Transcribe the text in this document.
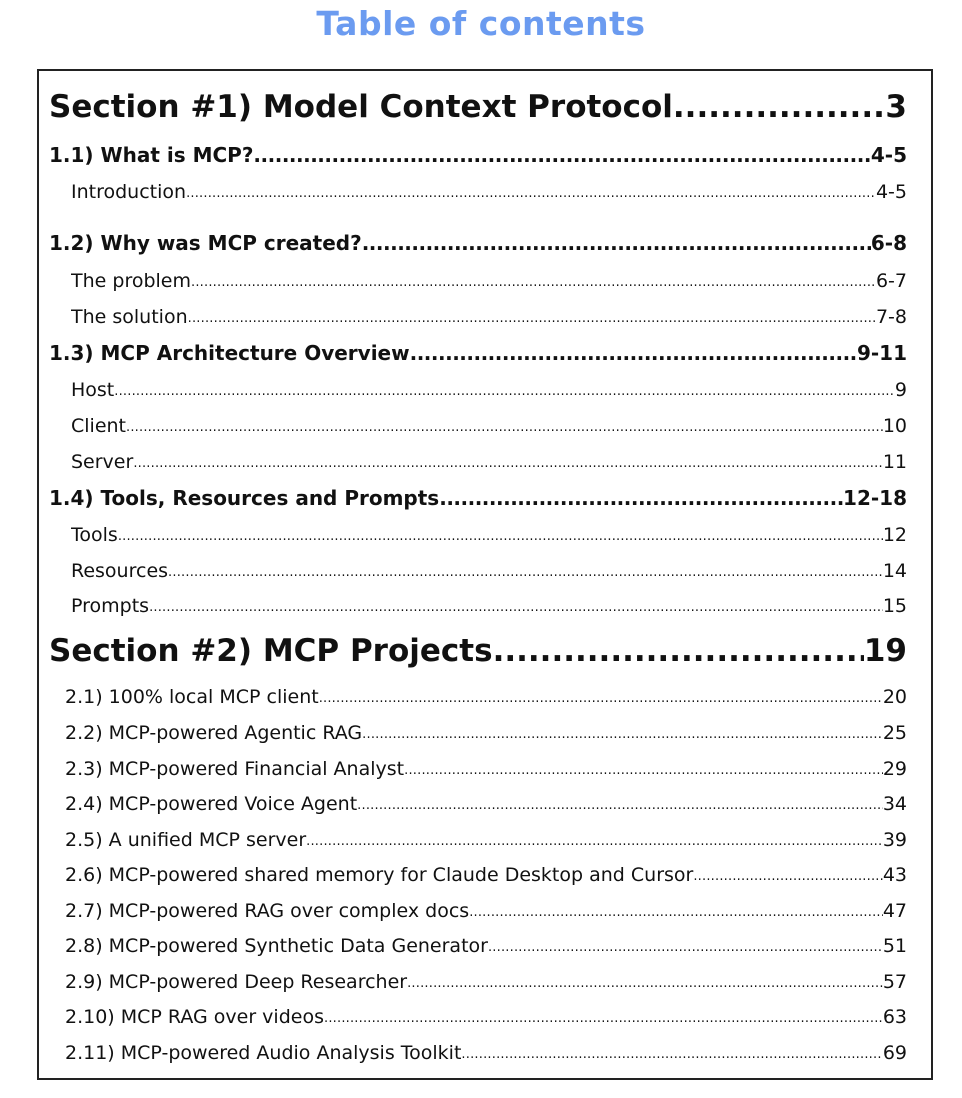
Table of contents
Section #1) Model Context Protocol .....	3
1.1) What is MCP? .....	4-5
Introduction .....	4-5
1.2) Why was MCP created? .....	6-8
The problem .....	6-7
The solution .....	7-8
1.3) MCP Architecture Overview .....	9-11
Host .....	9
Client .....	10
Server .....	11
1.4) Tools, Resources and Prompts .....	12-18
Tools .....	12
Resources .....	14
Prompts .....	15
Section #2) MCP Projects .....	19
2.1) 100% local MCP client .....	20
2.2) MCP-powered Agentic RAG .....	25
2.3) MCP-powered Financial Analyst .....	29
2.4) MCP-powered Voice Agent .....	34
2.5) A unified MCP server .....	39
2.6) MCP-powered shared memory for Claude Desktop and Cursor .....	43
2.7) MCP-powered RAG over complex docs .....	47
2.8) MCP-powered Synthetic Data Generator .....	51
2.9) MCP-powered Deep Researcher .....	57
2.10) MCP RAG over videos .....	63
2.11) MCP-powered Audio Analysis Toolkit .....	69
